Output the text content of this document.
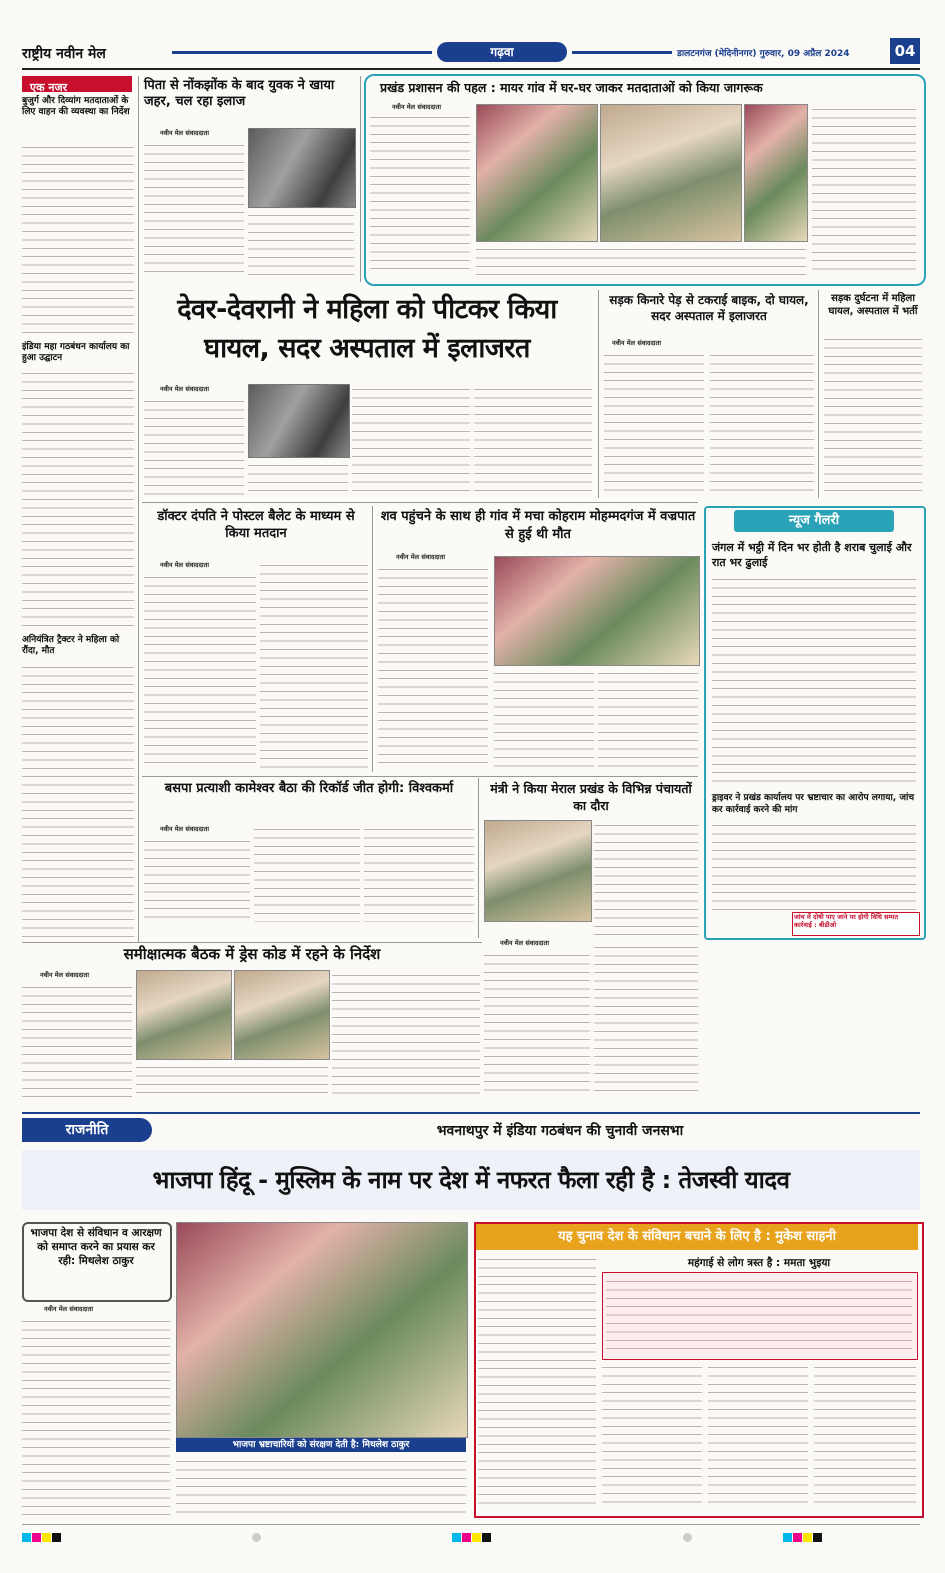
राष्ट्रीय नवीन मेल	गढ़वा	डालटनगंज (मेदिनीनगर) गुरुवार, 09 अप्रैल 2024	04
एक नजर
बुजुर्ग और दिव्यांग मतदाताओं के लिए वाहन की व्यवस्था का निर्देश
इंडिया महा गठबंधन कार्यालय का हुआ उद्घाटन
अनियंत्रित ट्रैक्टर ने महिला को रौंदा, मौत
पिता से नोंकझोंक के बाद युवक ने खाया जहर, चल रहा इलाज
नवीन मेल संवाददाता
प्रखंड प्रशासन की पहल : मायर गांव में घर-घर जाकर मतदाताओं को किया जागरूक
नवीन मेल संवाददाता
देवर-देवरानी ने महिला को पीटकर किया घायल, सदर अस्पताल में इलाजरत
नवीन मेल संवाददाता
सड़क किनारे पेड़ से टकराई बाइक, दो घायल, सदर अस्पताल में इलाजरत
नवीन मेल संवाददाता
सड़क दुर्घटना में महिला घायल, अस्पताल में भर्ती
डॉक्टर दंपति ने पोस्टल बैलेट के माध्यम से किया मतदान
नवीन मेल संवाददाता
शव पहुंचने के साथ ही गांव में मचा कोहराम मोहम्मदगंज में वज्रपात से हुई थी मौत
नवीन मेल संवाददाता
न्यूज गैलरी
जंगल में भट्ठी में दिन भर होती है शराब चुलाई और रात भर ढुलाई
ड्राइवर ने प्रखंड कार्यालय पर भ्रष्टाचार का आरोप लगाया, जांच कर कार्रवाई करने की मांग
जांच में दोषी पाए जाने पर होगी विधि सम्मत कार्रवाई : बीडीओ
बसपा प्रत्याशी कामेश्वर बैठा की रिकॉर्ड जीत होगी: विश्वकर्मा
नवीन मेल संवाददाता
मंत्री ने किया मेराल प्रखंड के विभिन्न पंचायतों का दौरा
समीक्षात्मक बैठक में ड्रेस कोड में रहने के निर्देश
नवीन मेल संवाददाता
नवीन मेल संवाददाता
राजनीति	भवनाथपुर में इंडिया गठबंधन की चुनावी जनसभा
भाजपा हिंदू - मुस्लिम के नाम पर देश में नफरत फैला रही है : तेजस्वी यादव
भाजपा देश से संविधान व आरक्षण को समाप्त करने का प्रयास कर रही: मिथलेश ठाकुर
नवीन मेल संवाददाता
भाजपा भ्रष्टाचारियों को संरक्षण देती है: मिथलेश ठाकुर
यह चुनाव देश के संविधान बचाने के लिए है : मुकेश साहनी
महंगाई से लोग त्रस्त है : ममता भुइया
